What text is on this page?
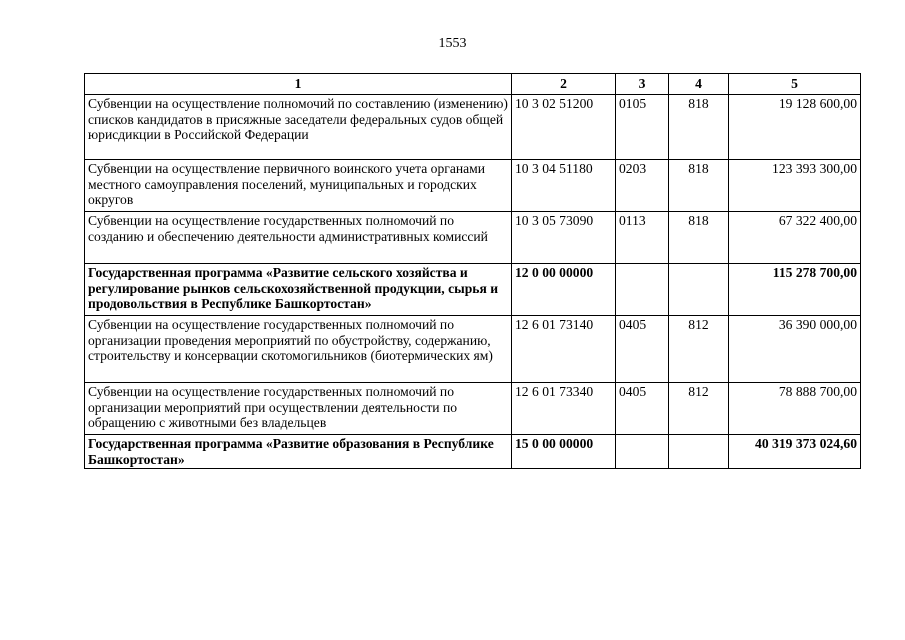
1553
1	2	3	4	5
Субвенции на осуществление полномочий по составлению (изменению) списков кандидатов в присяжные заседатели федеральных судов общей юрисдикции в Российской Федерации	10 3 02 51200	0105	818	19 128 600,00
Субвенции на осуществление первичного воинского учета органами местного самоуправления поселений, муниципальных и городских округов	10 3 04 51180	0203	818	123 393 300,00
Субвенции на осуществление государственных полномочий по созданию и обеспечению деятельности административных комиссий	10 3 05 73090	0113	818	67 322 400,00
Государственная программа «Развитие сельского хозяйства и регулирование рынков сельскохозяйственной продукции, сырья и продовольствия в Республике Башкортостан»	12 0 00 00000			115 278 700,00
Субвенции на осуществление государственных полномочий по организации проведения мероприятий по обустройству, содержанию, строительству и консервации скотомогильников (биотермических ям)	12 6 01 73140	0405	812	36 390 000,00
Субвенции на осуществление государственных полномочий по организации мероприятий при осуществлении деятельности по обращению с животными без владельцев	12 6 01 73340	0405	812	78 888 700,00
Государственная программа «Развитие образования в Республике Башкортостан»	15 0 00 00000			40 319 373 024,60
